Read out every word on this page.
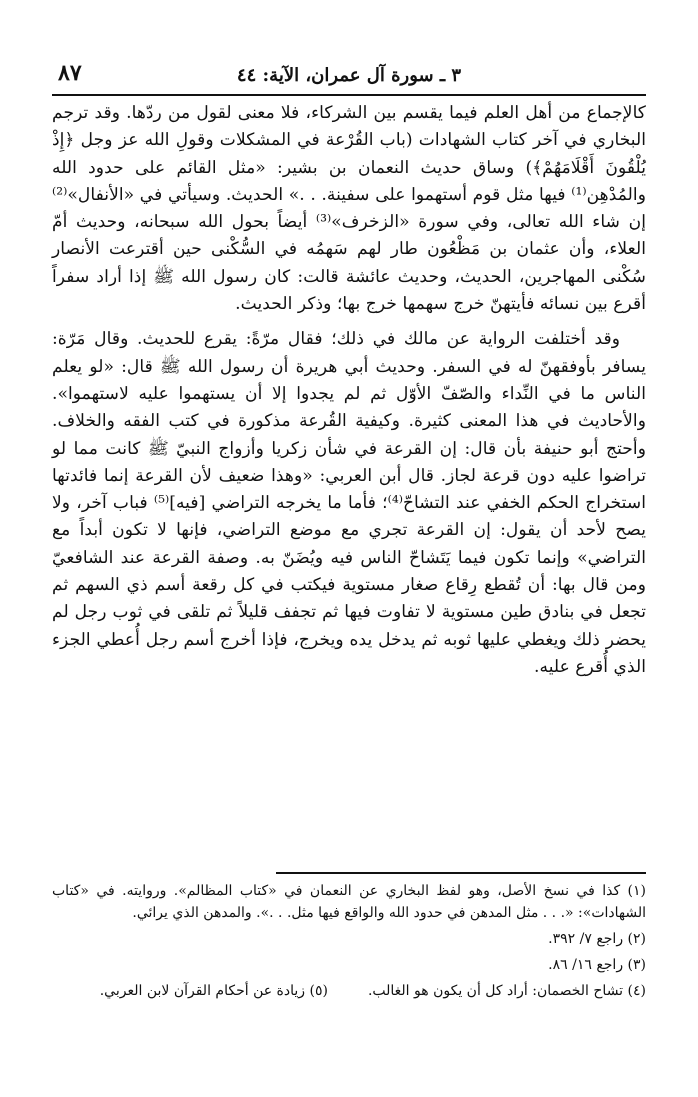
٣ ـ سورة آل عمران، الآية: ٤٤
٨٧

كالإجماع من أهل العلم فيما يقسم بين الشركاء، فلا معنى لقول من ردّها. وقد ترجم البخاري في آخر كتاب الشهادات (باب القُرْعة في المشكلات وقولِ الله عز وجل ﴿إِذْ يُلْقُونَ أَقْلَامَهُمْ﴾) وساق حديث النعمان بن بشير: «مثل القائم على حدود الله والمُدْهِن⁽¹⁾ فيها مثل قوم أستهموا على سفينة. . .» الحديث. وسيأتي في «الأنفال»⁽²⁾ إن شاء الله تعالى، وفي سورة «الزخرف»⁽³⁾ أيضاً بحول الله سبحانه، وحديث أمّ العلاء، وأن عثمان بن مَظْعُون طار لهم سَهمُه في السُّكْنى حين أقترعت الأنصار سُكْنى المهاجرين، الحديث، وحديث عائشة قالت: كان رسول الله ﷺ إذا أراد سفراً أقرع بين نسائه فأيتهنّ خرج سهمها خرج بها؛ وذكر الحديث.

وقد أختلفت الرواية عن مالك في ذلك؛ فقال مرّةً: يقرع للحديث. وقال مَرّة: يسافر بأوفقهنّ له في السفر. وحديث أبي هريرة أن رسول الله ﷺ قال: «لو يعلم الناس ما في النِّداء والصّفّ الأوّل ثم لم يجدوا إلا أن يستهموا عليه لاستهموا». والأحاديث في هذا المعنى كثيرة. وكيفية القُرعة مذكورة في كتب الفقه والخلاف. وأحتج أبو حنيفة بأن قال: إن القرعة في شأن زكريا وأزواج النبيّ ﷺ كانت مما لو تراضوا عليه دون قرعة لجاز. قال أبن العربي: «وهذا ضعيف لأن القرعة إنما فائدتها استخراج الحكم الخفي عند التشاحّ⁽⁴⁾؛ فأما ما يخرجه التراضي [فيه]⁽⁵⁾ فباب آخر، ولا يصح لأحد أن يقول: إن القرعة تجري مع موضع التراضي، فإنها لا تكون أبداً مع التراضي» وإنما تكون فيما يَتَشاحّ الناس فيه ويُضَنّ به. وصفة القرعة عند الشافعيّ ومن قال بها: أن تُقطع رِقاع صغار مستوية فيكتب في كل رقعة أسم ذي السهم ثم تجعل في بنادق طين مستوية لا تفاوت فيها ثم تجفف قليلاً ثم تلقى في ثوب رجل لم يحضر ذلك ويغطي عليها ثوبه ثم يدخل يده ويخرج، فإذا أخرج أسم رجل أُعطي الجزء الذي أُقرع عليه.

(١) كذا في نسخ الأصل، وهو لفظ البخاري عن النعمان في «كتاب المظالم». وروايته. في «كتاب الشهادات»: «. . . مثل المدهن في حدود الله والواقع فيها مثل. . .». والمدهن الذي يرائي.

(٢) راجع ٧/ ٣٩٢.

(٣) راجع ١٦/ ٨٦.

(٤) تشاح الخصمان: أراد كل أن يكون هو الغالب.
(٥) زيادة عن أحكام القرآن لابن العربي.
